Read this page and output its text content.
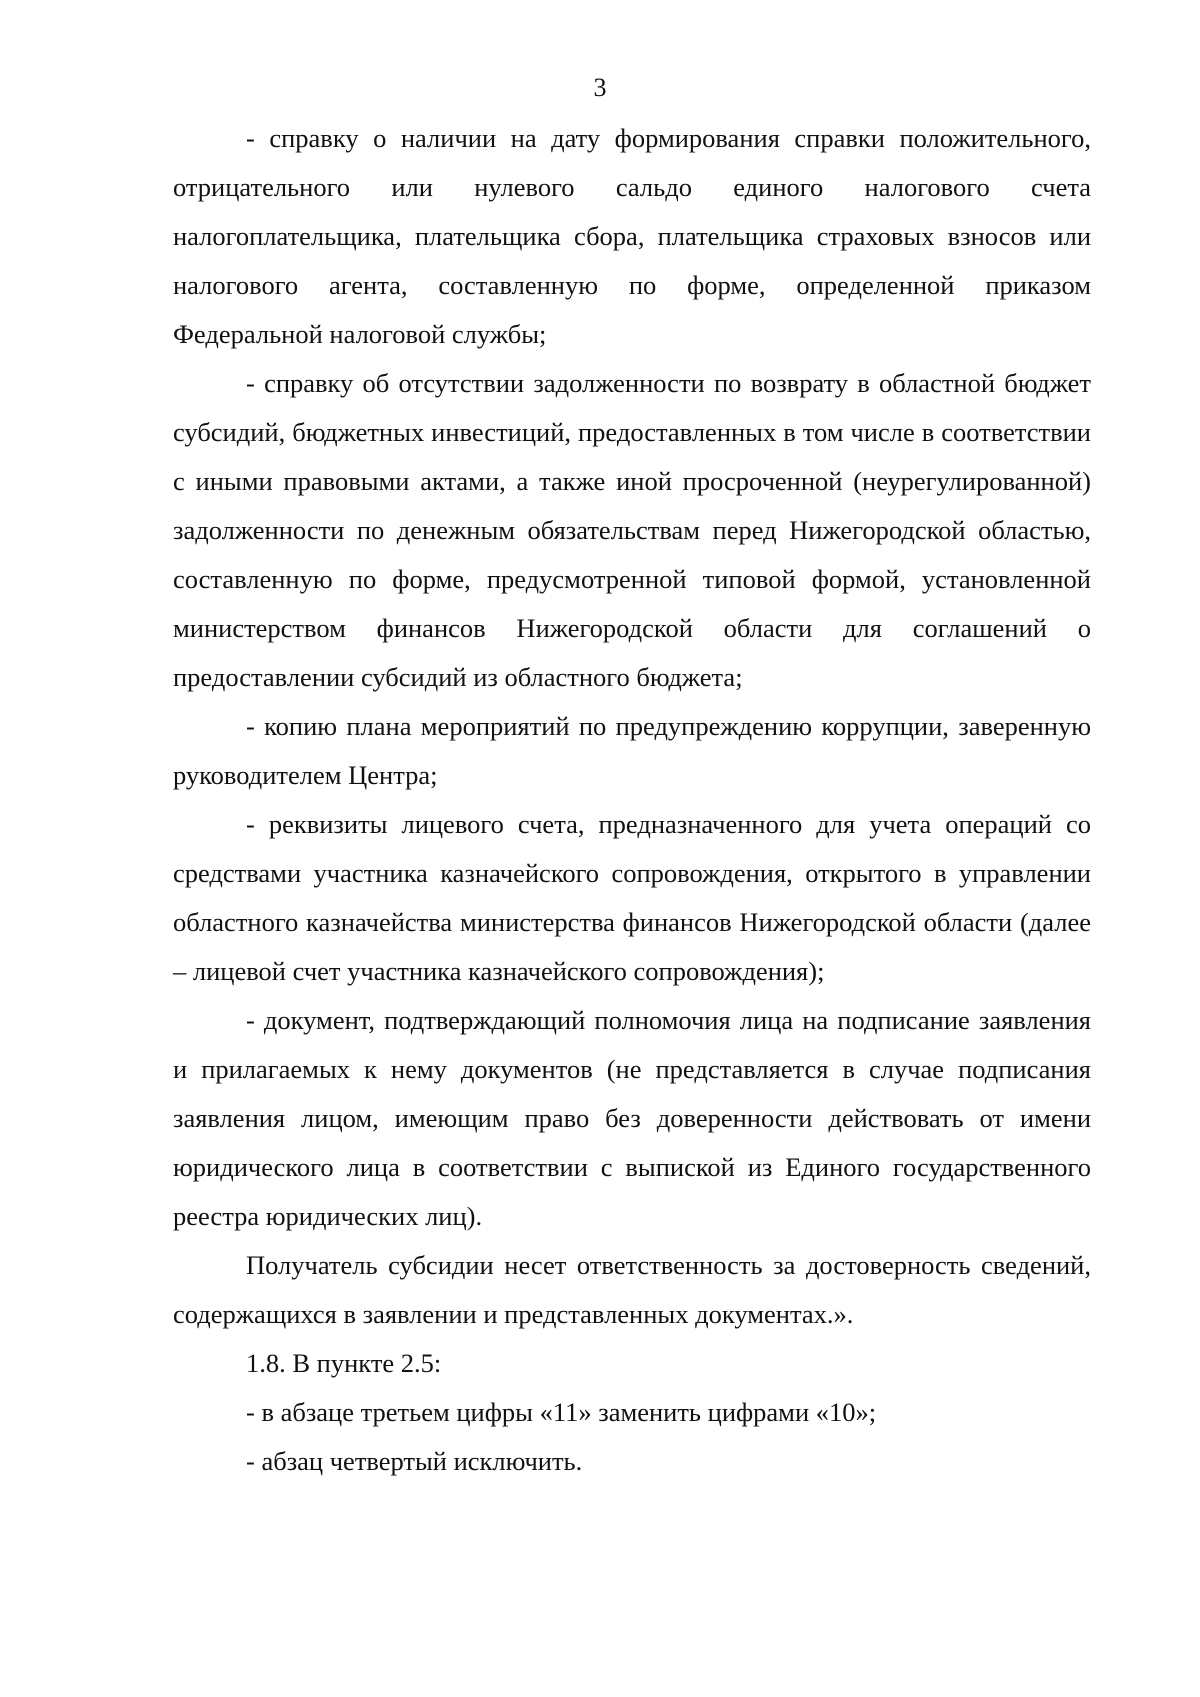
3

- справку о наличии на дату формирования справки положительного, отрицательного или нулевого сальдо единого налогового счета налогоплательщика, плательщика сбора, плательщика страховых взносов или налогового агента, составленную по форме, определенной приказом Федеральной налоговой службы;

- справку об отсутствии задолженности по возврату в областной бюджет субсидий, бюджетных инвестиций, предоставленных в том числе в соответствии с иными правовыми актами, а также иной просроченной (неурегулированной) задолженности по денежным обязательствам перед Нижегородской областью, составленную по форме, предусмотренной типовой формой, установленной министерством финансов Нижегородской области для соглашений о предоставлении субсидий из областного бюджета;

- копию плана мероприятий по предупреждению коррупции, заверенную руководителем Центра;

- реквизиты лицевого счета, предназначенного для учета операций со средствами участника казначейского сопровождения, открытого в управлении областного казначейства министерства финансов Нижегородской области (далее – лицевой счет участника казначейского сопровождения);

- документ, подтверждающий полномочия лица на подписание заявления и прилагаемых к нему документов (не представляется в случае подписания заявления лицом, имеющим право без доверенности действовать от имени юридического лица в соответствии с выпиской из Единого государственного реестра юридических лиц).

Получатель субсидии несет ответственность за достоверность сведений, содержащихся в заявлении и представленных документах.».

1.8. В пункте 2.5:

- в абзаце третьем цифры «11» заменить цифрами «10»;

- абзац четвертый исключить.
